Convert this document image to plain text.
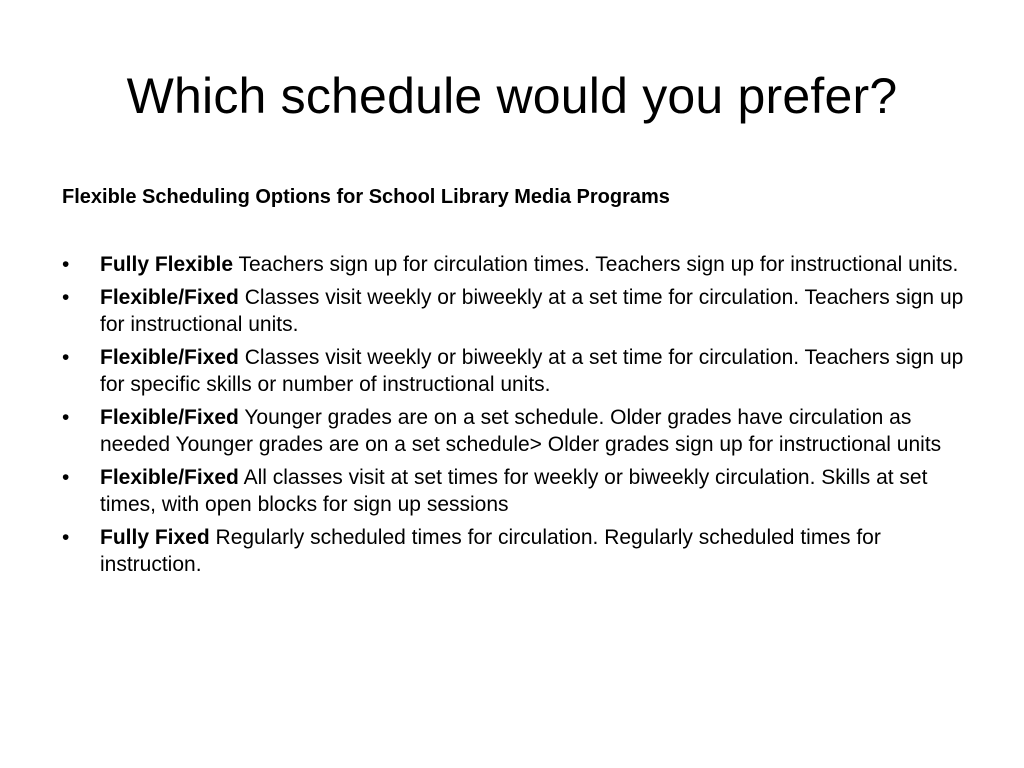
Which schedule would you prefer?
Flexible Scheduling Options for School Library Media Programs
•	Fully Flexible Teachers sign up for circulation times. Teachers sign up for instructional units.
•	Flexible/Fixed Classes visit weekly or biweekly at a set time for circulation. Teachers sign up for instructional units.
•	Flexible/Fixed Classes visit weekly or biweekly at a set time for circulation. Teachers sign up for specific skills or number of instructional units.
•	Flexible/Fixed Younger grades are on a set schedule. Older grades have circulation as needed Younger grades are on a set schedule> Older grades sign up for instructional units
•	Flexible/Fixed All classes visit at set times for weekly or biweekly circulation. Skills at set times, with open blocks for sign up sessions
•	Fully Fixed Regularly scheduled times for circulation. Regularly scheduled times for instruction.
